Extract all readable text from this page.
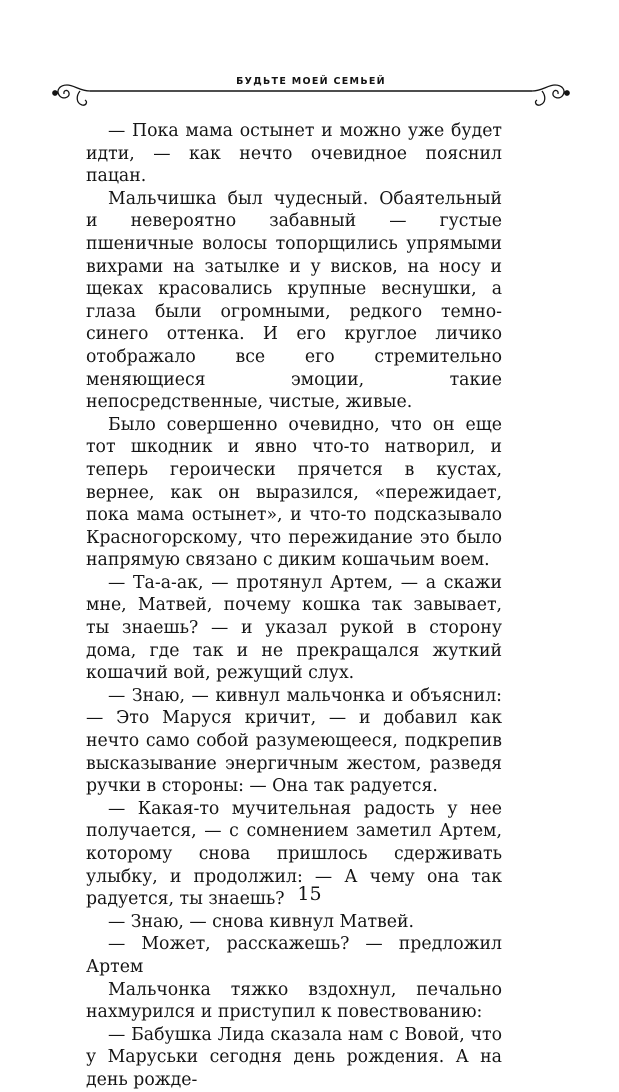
БУДЬТЕ МОЕЙ СЕМЬЕЙ

— Пока мама остынет и можно уже будет идти, — как нечто очевидное пояснил пацан.

Мальчишка был чудесный. Обаятельный и невероятно забавный — густые пшеничные волосы топорщились упрямыми вихрами на затылке и у висков, на носу и щеках красовались крупные веснушки, а глаза были огромными, редкого темно-синего оттенка. И его круглое личико отображало все его стремительно меняющиеся эмоции, такие непосредственные, чистые, живые.

Было совершенно очевидно, что он еще тот шкодник и явно что-то натворил, и теперь героически прячется в кустах, вернее, как он выразился, «пережидает, пока мама остынет», и что-то подсказывало Красногорскому, что пережидание это было напрямую связано с диким кошачьим воем.

— Та-а-ак, — протянул Артем, — а скажи мне, Матвей, почему кошка так завывает, ты знаешь? — и указал рукой в сторону дома, где так и не прекращался жуткий кошачий вой, режущий слух.

— Знаю, — кивнул мальчонка и объяснил: — Это Маруся кричит, — и добавил как нечто само собой разумеющееся, подкрепив высказывание энергичным жестом, разведя ручки в стороны: — Она так радуется.

— Какая-то мучительная радость у нее получается, — с сомнением заметил Артем, которому снова пришлось сдерживать улыбку, и продолжил: — А чему она так радуется, ты знаешь?

— Знаю, — снова кивнул Матвей.

— Может, расскажешь? — предложил Артем

Мальчонка тяжко вздохнул, печально нахмурился и приступил к повествованию:

— Бабушка Лида сказала нам с Вовой, что у Маруськи сегодня день рождения. А на день рожде-

15
